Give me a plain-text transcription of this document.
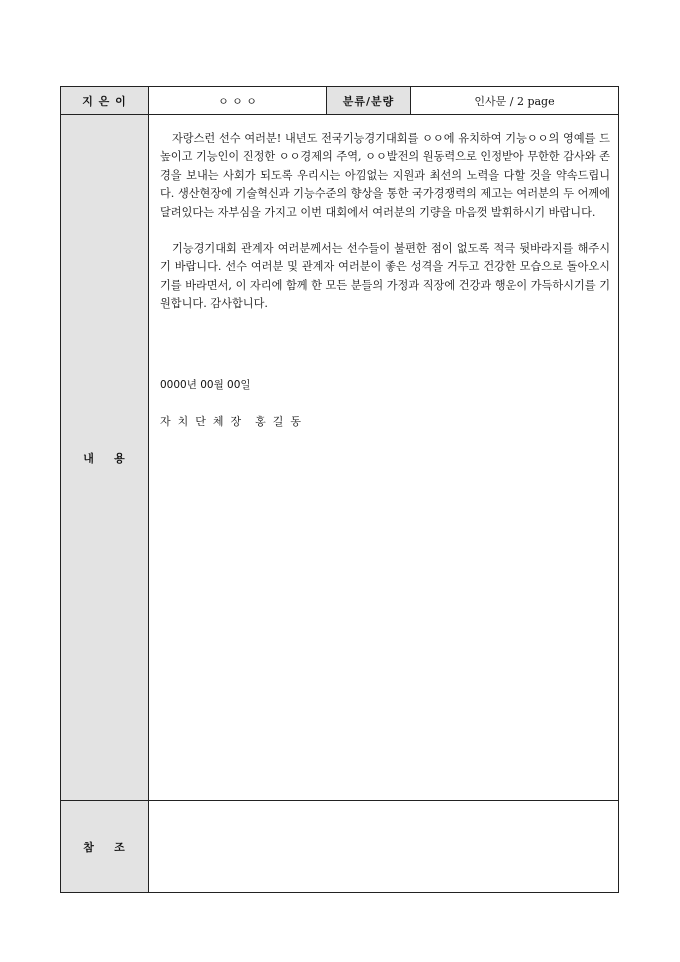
지 은 이	ㅇ ㅇ ㅇ	분류/분량	인사문 / 2 page
내    용	자랑스런 선수 여러분! 내년도 전국기능경기대회를 ㅇㅇ에 유치하여 기능ㅇㅇ의 영예를 드높이고 기능인이 진정한 ㅇㅇ경제의 주역, ㅇㅇ발전의 원동력으로 인정받아 무한한 감사와 존경을 보내는 사회가 되도록 우리시는 아낌없는 지원과 최선의 노력을 다할 것을 약속드립니다. 생산현장에 기술혁신과 기능수준의 향상을 통한 국가경쟁력의 제고는 여러분의 두 어께에 달려있다는 자부심을 가지고 이번 대회에서 여러분의 기량을 마음껏 발휘하시기 바랍니다.

기능경기대회 관계자 여러분께서는 선수들이 불편한 점이 없도록 적극 뒷바라지를 해주시기 바랍니다. 선수 여러분 및 관계자 여러분이 좋은 성격을 거두고 건강한 모습으로 돌아오시기를 바라면서, 이 자리에 함께 한 모든 분들의 가정과 직장에 건강과 행운이 가득하시기를 기원합니다. 감사합니다.

0000년 00월 00일
자  치  단  체  장    홍  길  동		

참    조			
